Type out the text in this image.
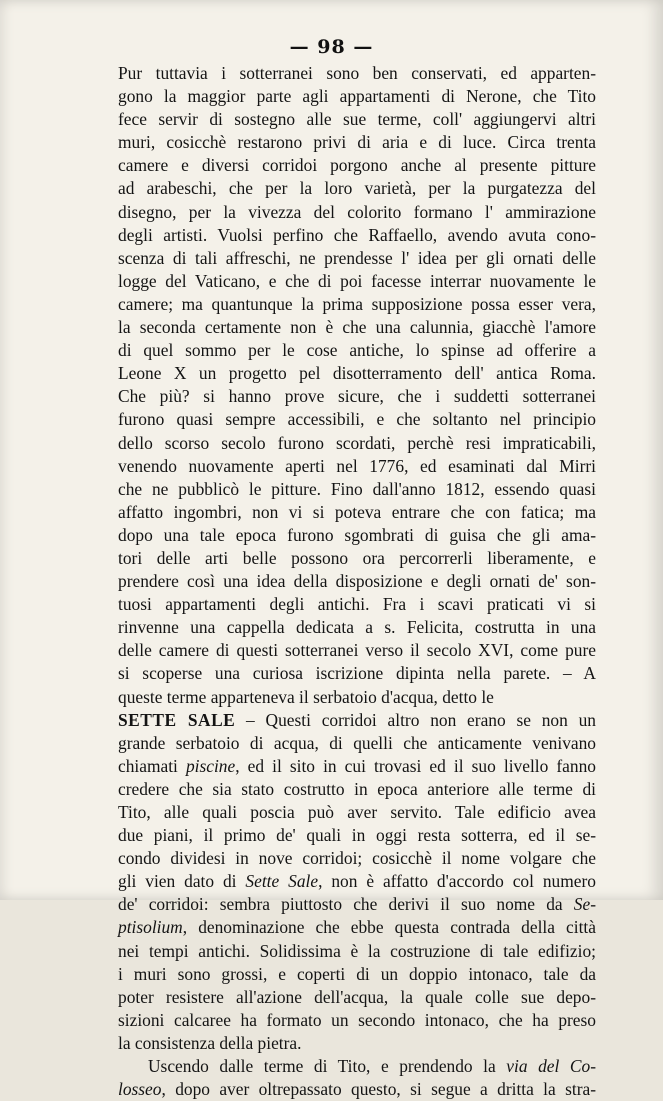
— 98 —
Pur tuttavia i sotterranei sono ben conservati, ed apparten-
gono la maggior parte agli appartamenti di Nerone, che Tito
fece servir di sostegno alle sue terme, coll' aggiungervi altri
muri, cosicchè restarono privi di aria e di luce. Circa trenta
camere e diversi corridoi porgono anche al presente pitture
ad arabeschi, che per la loro varietà, per la purgatezza del
disegno, per la vivezza del colorito formano l' ammirazione
degli artisti. Vuolsi perfino che Raffaello, avendo avuta cono-
scenza di tali affreschi, ne prendesse l' idea per gli ornati delle
logge del Vaticano, e che di poi facesse interrar nuovamente le
camere; ma quantunque la prima supposizione possa esser vera,
la seconda certamente non è che una calunnia, giacchè l'amore
di quel sommo per le cose antiche, lo spinse ad offerire a
Leone X un progetto pel disotterramento dell' antica Roma.
Che più? si hanno prove sicure, che i suddetti sotterranei
furono quasi sempre accessibili, e che soltanto nel principio
dello scorso secolo furono scordati, perchè resi impraticabili,
venendo nuovamente aperti nel 1776, ed esaminati dal Mirri
che ne pubblicò le pitture. Fino dall'anno 1812, essendo quasi
affatto ingombri, non vi si poteva entrare che con fatica; ma
dopo una tale epoca furono sgombrati di guisa che gli ama-
tori delle arti belle possono ora percorrerli liberamente, e
prendere così una idea della disposizione e degli ornati de' son-
tuosi appartamenti degli antichi. Fra i scavi praticati vi si
rinvenne una cappella dedicata a s. Felicita, costrutta in una
delle camere di questi sotterranei verso il secolo XVI, come pure
si scoperse una curiosa iscrizione dipinta nella parete. – A
queste terme apparteneva il serbatoio d'acqua, detto le
SETTE SALE – Questi corridoi altro non erano se non un
grande serbatoio di acqua, di quelli che anticamente venivano
chiamati piscine, ed il sito in cui trovasi ed il suo livello fanno
credere che sia stato costrutto in epoca anteriore alle terme di
Tito, alle quali poscia può aver servito. Tale edificio avea
due piani, il primo de' quali in oggi resta sotterra, ed il se-
condo dividesi in nove corridoi; cosicchè il nome volgare che
gli vien dato di Sette Sale, non è affatto d'accordo col numero
de' corridoi: sembra piuttosto che derivi il suo nome da Se-
ptisolium, denominazione che ebbe questa contrada della città
nei tempi antichi. Solidissima è la costruzione di tale edifizio;
i muri sono grossi, e coperti di un doppio intonaco, tale da
poter resistere all'azione dell'acqua, la quale colle sue depo-
sizioni calcaree ha formato un secondo intonaco, che ha preso
la consistenza della pietra.
Uscendo dalle terme di Tito, e prendendo la via del Co-
losseo, dopo aver oltrepassato questo, si segue a dritta la stra-
